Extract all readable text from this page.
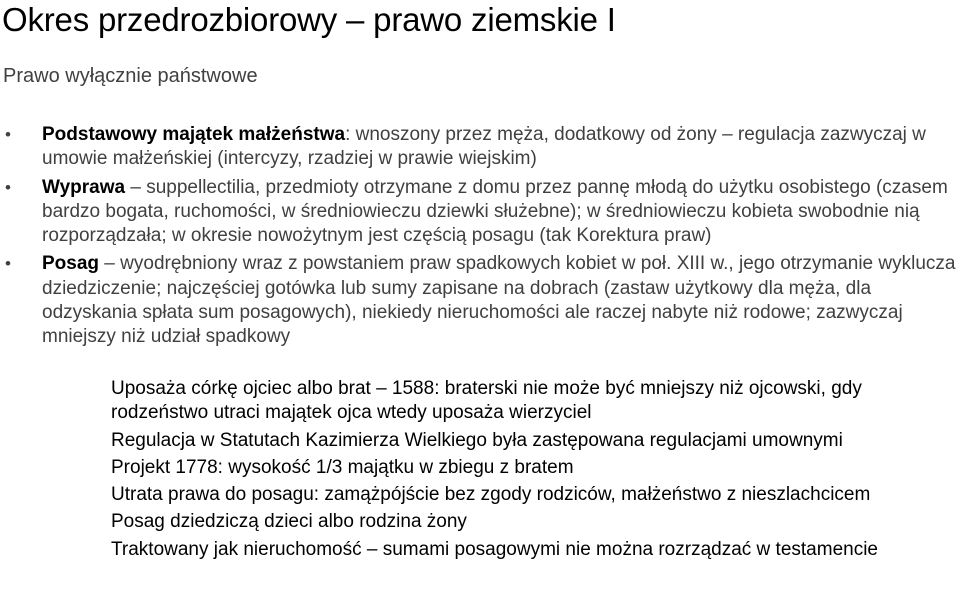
Okres przedrozbiorowy – prawo ziemskie I
Prawo wyłącznie państwowe
• Podstawowy majątek małżeństwa: wnoszony przez męża, dodatkowy od żony – regulacja zazwyczaj w umowie małżeńskiej (intercyzy, rzadziej w prawie wiejskim)
• Wyprawa – suppellectilia, przedmioty otrzymane z domu przez pannę młodą do użytku osobistego (czasem bardzo bogata, ruchomości, w średniowieczu dziewki służebne); w średniowieczu kobieta swobodnie nią rozporządzała; w okresie nowożytnym jest częścią posagu (tak Korektura praw)
• Posag – wyodrębniony wraz z powstaniem praw spadkowych kobiet w poł. XIII w., jego otrzymanie wyklucza dziedziczenie; najczęściej gotówka lub sumy zapisane na dobrach (zastaw użytkowy dla męża, dla odzyskania spłata sum posagowych), niekiedy nieruchomości ale raczej nabyte niż rodowe; zazwyczaj mniejszy niż udział spadkowy
Uposaża córkę ojciec albo brat – 1588: braterski nie może być mniejszy niż ojcowski, gdy rodzeństwo utraci majątek ojca wtedy uposaża wierzyciel
Regulacja w Statutach Kazimierza Wielkiego była zastępowana regulacjami umownymi
Projekt 1778: wysokość 1/3 majątku w zbiegu z bratem
Utrata prawa do posagu: zamążpójście bez zgody rodziców, małżeństwo z nieszlachcicem
Posag dziedziczą dzieci albo rodzina żony
Traktowany jak nieruchomość – sumami posagowymi nie można rozrządzać w testamencie
